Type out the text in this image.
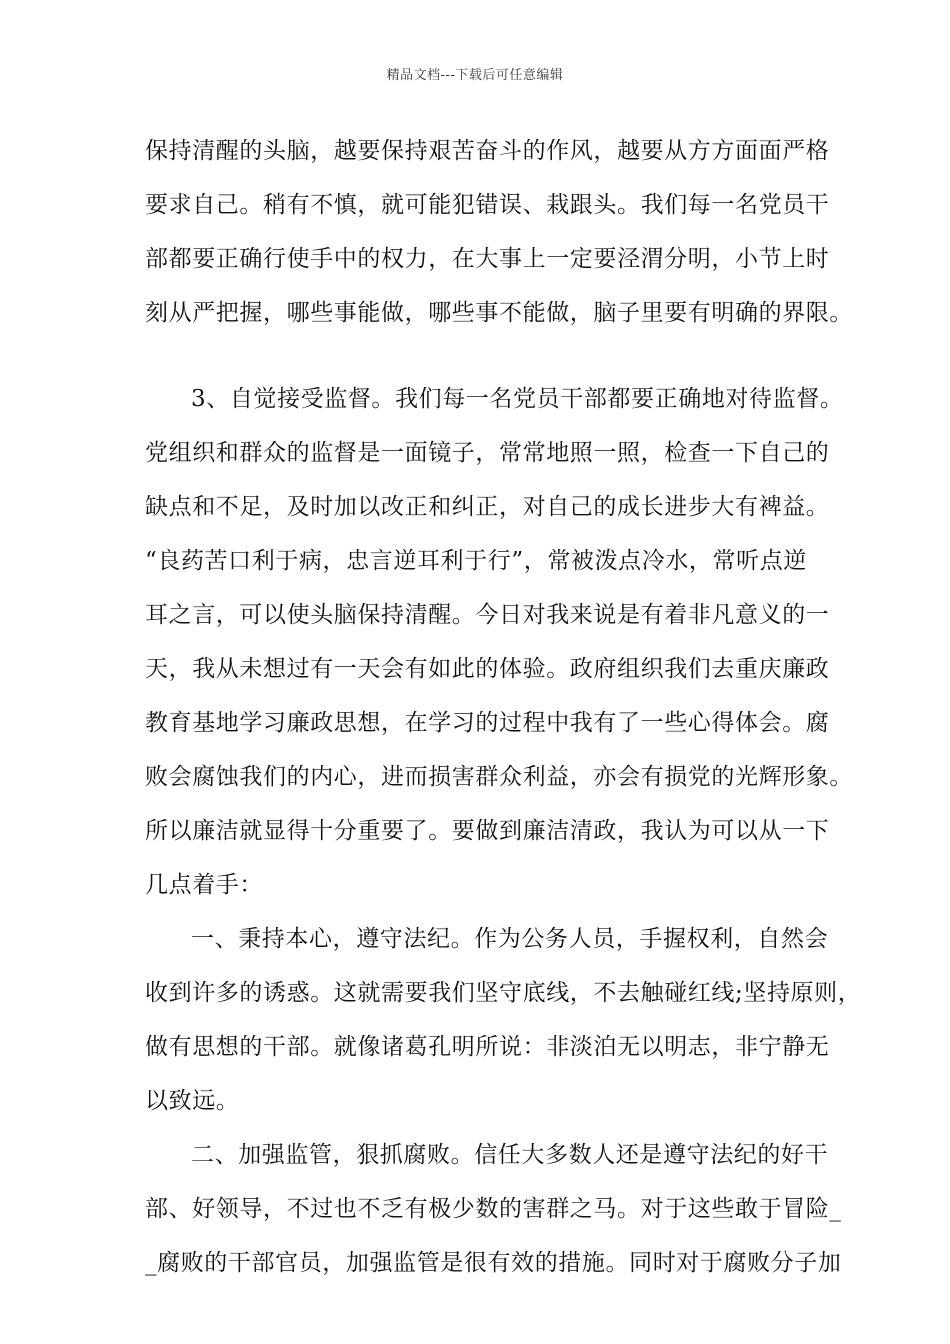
精品文档---下载后可任意编辑
保持清醒的头脑，越要保持艰苦奋斗的作风，越要从方方面面严格
要求自己。稍有不慎，就可能犯错误、栽跟头。我们每一名党员干
部都要正确行使手中的权力，在大事上一定要泾渭分明，小节上时
刻从严把握，哪些事能做，哪些事不能做，脑子里要有明确的界限。
3、自觉接受监督。我们每一名党员干部都要正确地对待监督。
党组织和群众的监督是一面镜子，常常地照一照，检查一下自己的
缺点和不足，及时加以改正和纠正，对自己的成长进步大有裨益。
“良药苦口利于病，忠言逆耳利于行”，常被泼点冷水，常听点逆
耳之言，可以使头脑保持清醒。今日对我来说是有着非凡意义的一
天，我从未想过有一天会有如此的体验。政府组织我们去重庆廉政
教育基地学习廉政思想，在学习的过程中我有了一些心得体会。腐
败会腐蚀我们的内心，进而损害群众利益，亦会有损党的光辉形象。
所以廉洁就显得十分重要了。要做到廉洁清政，我认为可以从一下
几点着手：
一、秉持本心，遵守法纪。作为公务人员，手握权利，自然会
收到许多的诱惑。这就需要我们坚守底线，不去触碰红线;坚持原则，
做有思想的干部。就像诸葛孔明所说：非淡泊无以明志，非宁静无
以致远。
二、加强监管，狠抓腐败。信任大多数人还是遵守法纪的好干
部、好领导，不过也不乏有极少数的害群之马。对于这些敢于冒险_
_腐败的干部官员，加强监管是很有效的措施。同时对于腐败分子加
